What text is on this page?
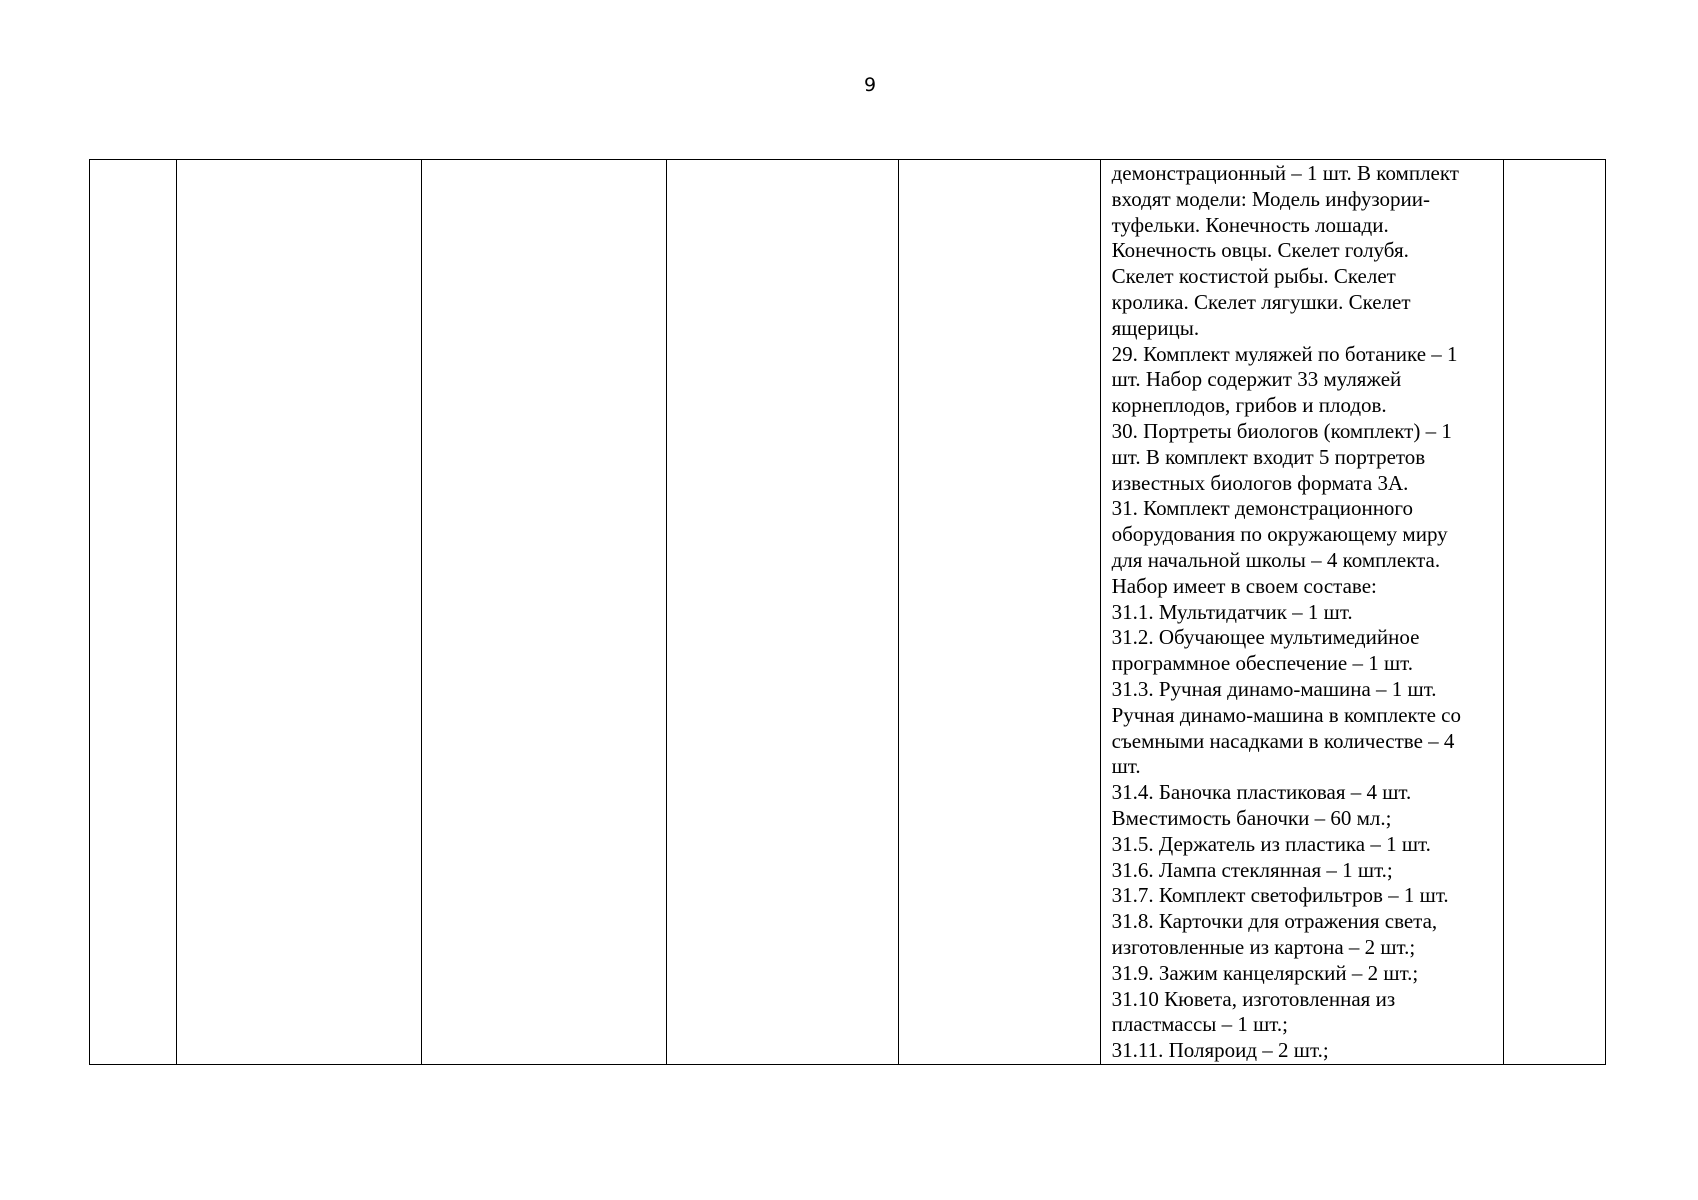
9

демонстрационный – 1 шт. В комплект
входят модели: Модель инфузории-
туфельки. Конечность лошади.
Конечность овцы. Скелет голубя.
Скелет костистой рыбы. Скелет
кролика. Скелет лягушки. Скелет
ящерицы.
29. Комплект муляжей по ботанике – 1
шт. Набор содержит 33 муляжей
корнеплодов, грибов и плодов.
30. Портреты биологов (комплект) – 1
шт. В комплект входит 5 портретов
известных биологов формата 3А.
31. Комплект демонстрационного
оборудования по окружающему миру
для начальной школы – 4 комплекта.
Набор имеет в своем составе:
31.1. Мультидатчик – 1 шт.
31.2. Обучающее мультимедийное
программное обеспечение – 1 шт.
31.3. Ручная динамо-машина – 1 шт.
Ручная динамо-машина в комплекте со
съемными насадками в количестве – 4
шт.
31.4. Баночка пластиковая – 4 шт.
Вместимость баночки – 60 мл.;
31.5. Держатель из пластика – 1 шт.
31.6. Лампа стеклянная – 1 шт.;
31.7. Комплект светофильтров – 1 шт.
31.8. Карточки для отражения света,
изготовленные из картона – 2 шт.;
31.9. Зажим канцелярский – 2 шт.;
31.10 Кювета, изготовленная из
пластмассы – 1 шт.;
31.11. Поляроид – 2 шт.;
